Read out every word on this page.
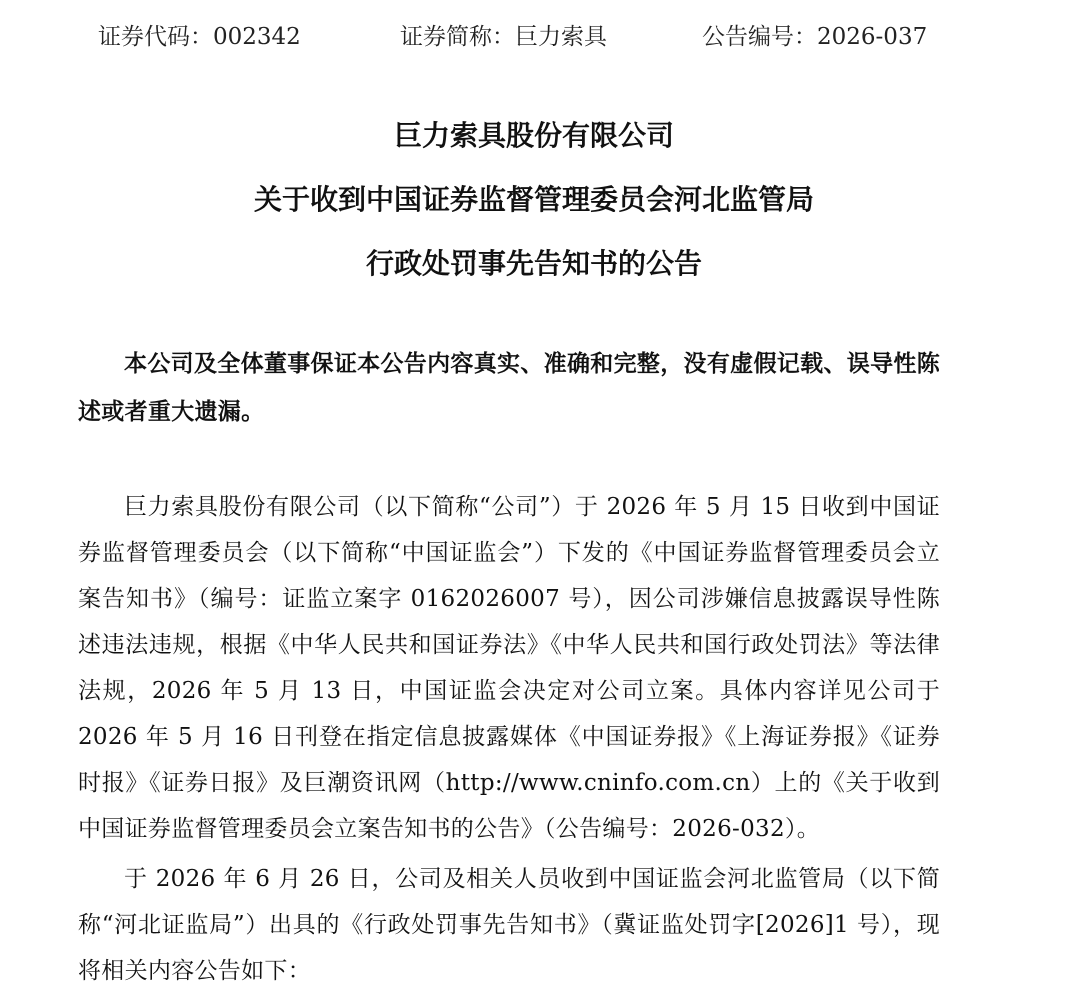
证券代码：002342	证券简称：巨力索具	公告编号：2026-037
巨力索具股份有限公司
关于收到中国证券监督管理委员会河北监管局
行政处罚事先告知书的公告

本公司及全体董事保证本公告内容真实、准确和完整，没有虚假记载、误导性陈述或者重大遗漏。

巨力索具股份有限公司（以下简称“公司”）于 2026 年 5 月 15 日收到中国证券监督管理委员会（以下简称“中国证监会”）下发的《中国证券监督管理委员会立案告知书》（编号：证监立案字 0162026007 号），因公司涉嫌信息披露误导性陈述违法违规，根据《中华人民共和国证券法》《中华人民共和国行政处罚法》等法律法规，2026 年 5 月 13 日，中国证监会决定对公司立案。具体内容详见公司于 2026 年 5 月 16 日刊登在指定信息披露媒体《中国证券报》《上海证券报》《证券时报》《证券日报》及巨潮资讯网（http://www.cninfo.com.cn）上的《关于收到中国证券监督管理委员会立案告知书的公告》（公告编号：2026-032）。

于 2026 年 6 月 26 日，公司及相关人员收到中国证监会河北监管局（以下简称“河北证监局”）出具的《行政处罚事先告知书》（冀证监处罚字[2026]1 号），现将相关内容公告如下：
